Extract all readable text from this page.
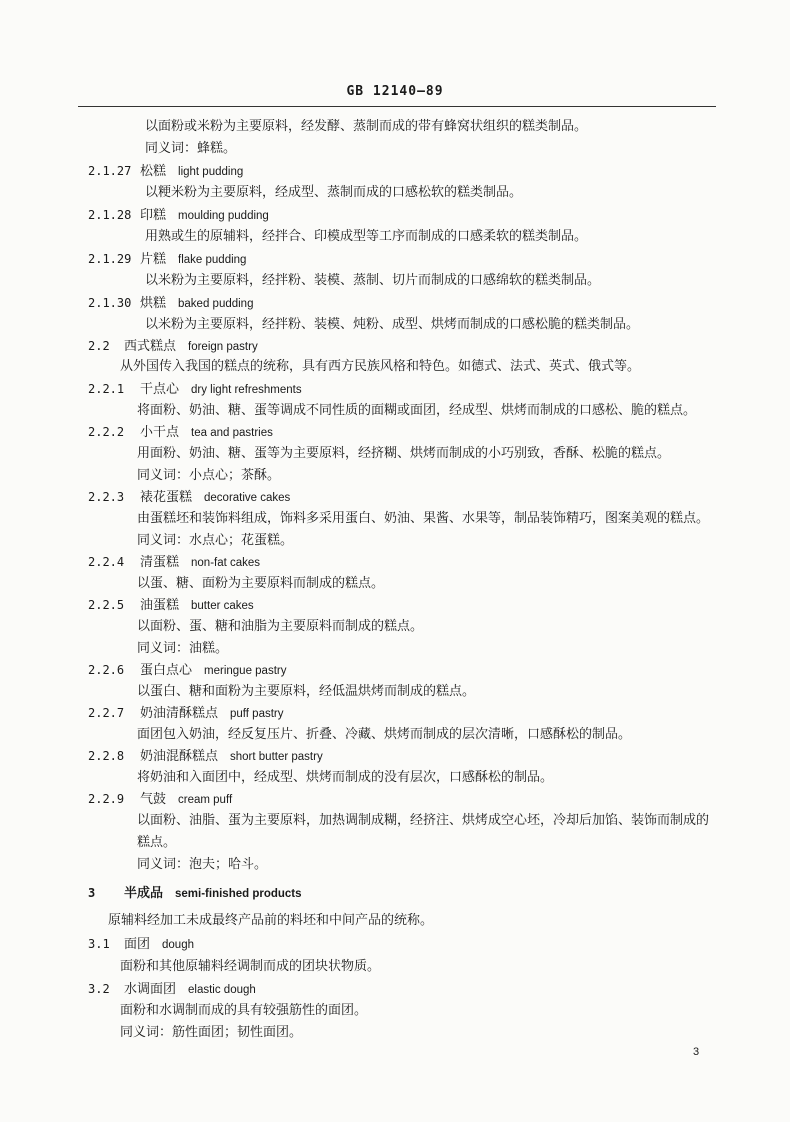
GB 12140—89
以面粉或米粉为主要原料，经发酵、蒸制而成的带有蜂窝状组织的糕类制品。
同义词：蜂糕。
2.1.27 松糕 light pudding
以粳米粉为主要原料，经成型、蒸制而成的口感松软的糕类制品。
2.1.28 印糕 moulding pudding
用熟或生的原辅料，经拌合、印模成型等工序而制成的口感柔软的糕类制品。
2.1.29 片糕 flake pudding
以米粉为主要原料，经拌粉、装模、蒸制、切片而制成的口感绵软的糕类制品。
2.1.30 烘糕 baked pudding
以米粉为主要原料，经拌粉、装模、炖粉、成型、烘烤而制成的口感松脆的糕类制品。
2.2 西式糕点 foreign pastry
从外国传入我国的糕点的统称，具有西方民族风格和特色。如德式、法式、英式、俄式等。
2.2.1 干点心 dry light refreshments
将面粉、奶油、糖、蛋等调成不同性质的面糊或面团，经成型、烘烤而制成的口感松、脆的糕点。
2.2.2 小干点 tea and pastries
用面粉、奶油、糖、蛋等为主要原料，经挤糊、烘烤而制成的小巧别致，香酥、松脆的糕点。
同义词：小点心；茶酥。
2.2.3 裱花蛋糕 decorative cakes
由蛋糕坯和装饰料组成，饰料多采用蛋白、奶油、果酱、水果等，制品装饰精巧，图案美观的糕点。
同义词：水点心；花蛋糕。
2.2.4 清蛋糕 non-fat cakes
以蛋、糖、面粉为主要原料而制成的糕点。
2.2.5 油蛋糕 butter cakes
以面粉、蛋、糖和油脂为主要原料而制成的糕点。
同义词：油糕。
2.2.6 蛋白点心 meringue pastry
以蛋白、糖和面粉为主要原料，经低温烘烤而制成的糕点。
2.2.7 奶油清酥糕点 puff pastry
面团包入奶油，经反复压片、折叠、冷藏、烘烤而制成的层次清晰，口感酥松的制品。
2.2.8 奶油混酥糕点 short butter pastry
将奶油和入面团中，经成型、烘烤而制成的没有层次，口感酥松的制品。
2.2.9 气鼓 cream puff
以面粉、油脂、蛋为主要原料，加热调制成糊，经挤注、烘烤成空心坯，冷却后加馅、装饰而制成的
糕点。
同义词：泡夫；哈斗。
3 半成品 semi-finished products
原辅料经加工未成最终产品前的料坯和中间产品的统称。
3.1 面团 dough
面粉和其他原辅料经调制而成的团块状物质。
3.2 水调面团 elastic dough
面粉和水调制而成的具有较强筋性的面团。
同义词：筋性面团；韧性面团。
3
